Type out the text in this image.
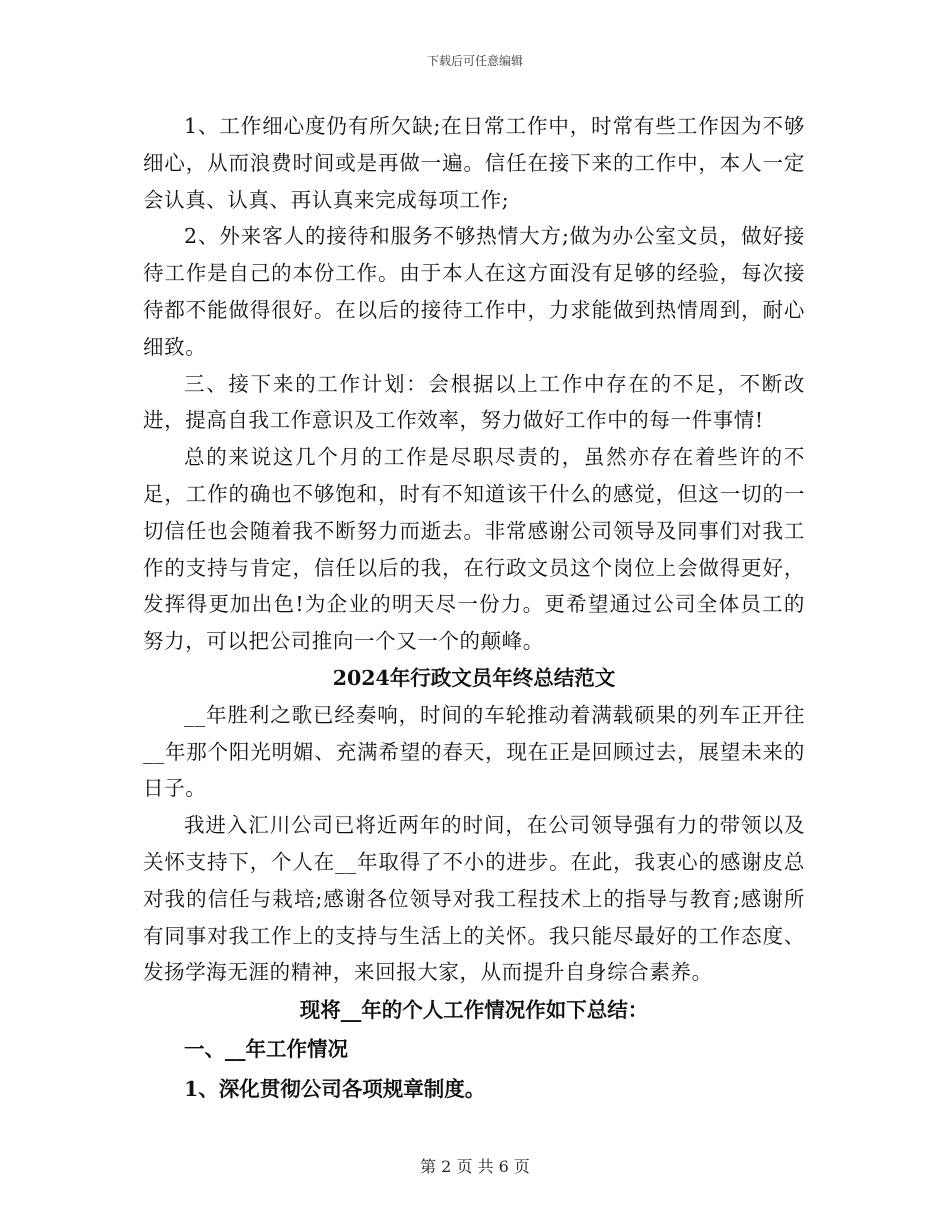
下载后可任意编辑

1、工作细心度仍有所欠缺;在日常工作中，时常有些工作因为不够细心，从而浪费时间或是再做一遍。信任在接下来的工作中，本人一定会认真、认真、再认真来完成每项工作;

2、外来客人的接待和服务不够热情大方;做为办公室文员，做好接待工作是自己的本份工作。由于本人在这方面没有足够的经验，每次接待都不能做得很好。在以后的接待工作中，力求能做到热情周到，耐心细致。

三、接下来的工作计划：会根据以上工作中存在的不足，不断改进，提高自我工作意识及工作效率，努力做好工作中的每一件事情!

总的来说这几个月的工作是尽职尽责的，虽然亦存在着些许的不足，工作的确也不够饱和，时有不知道该干什么的感觉，但这一切的一切信任也会随着我不断努力而逝去。非常感谢公司领导及同事们对我工作的支持与肯定，信任以后的我，在行政文员这个岗位上会做得更好，发挥得更加出色!为企业的明天尽一份力。更希望通过公司全体员工的努力，可以把公司推向一个又一个的颠峰。

2024年行政文员年终总结范文

__年胜利之歌已经奏响，时间的车轮推动着满载硕果的列车正开往__年那个阳光明媚、充满希望的春天，现在正是回顾过去，展望未来的日子。

我进入汇川公司已将近两年的时间，在公司领导强有力的带领以及关怀支持下，个人在__年取得了不小的进步。在此，我衷心的感谢皮总对我的信任与栽培;感谢各位领导对我工程技术上的指导与教育;感谢所有同事对我工作上的支持与生活上的关怀。我只能尽最好的工作态度、发扬学海无涯的精神，来回报大家，从而提升自身综合素养。

现将__年的个人工作情况作如下总结：

一、__年工作情况

1、深化贯彻公司各项规章制度。

第 2 页 共 6 页
